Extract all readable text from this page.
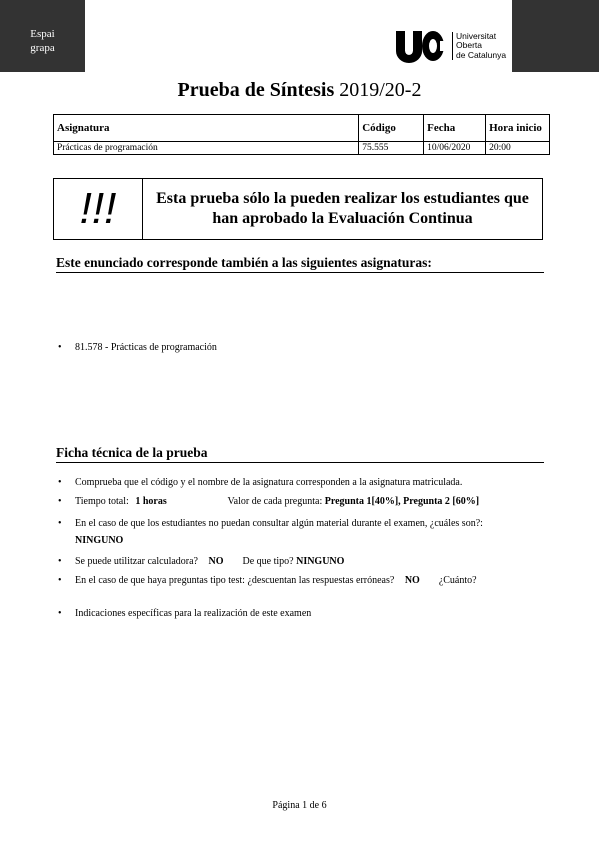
Espai
grapa
Universitat
Oberta
de Catalunya
Prueba de Síntesis 2019/20-2
Asignatura	Código	Fecha	Hora inicio
Prácticas de programación	75.555	10/06/2020	20:00
!!!	Esta prueba sólo la pueden realizar los estudiantes que han aprobado la Evaluación Continua
Este enunciado corresponde también a las siguientes asignaturas:
• 81.578 - Prácticas de programación
Ficha técnica de la prueba
• Comprueba que el código y el nombre de la asignatura corresponden a la asignatura matriculada.
• Tiempo total: 1 horas	Valor de cada pregunta: Pregunta 1[40%], Pregunta 2 [60%]
• En el caso de que los estudiantes no puedan consultar algún material durante el examen, ¿cuáles son?:
NINGUNO
• Se puede utilitzar calculadora? NO De que tipo? NINGUNO
• En el caso de que haya preguntas tipo test: ¿descuentan las respuestas erróneas? NO ¿Cuánto?
• Indicaciones específicas para la realización de este examen
Página 1 de 6
